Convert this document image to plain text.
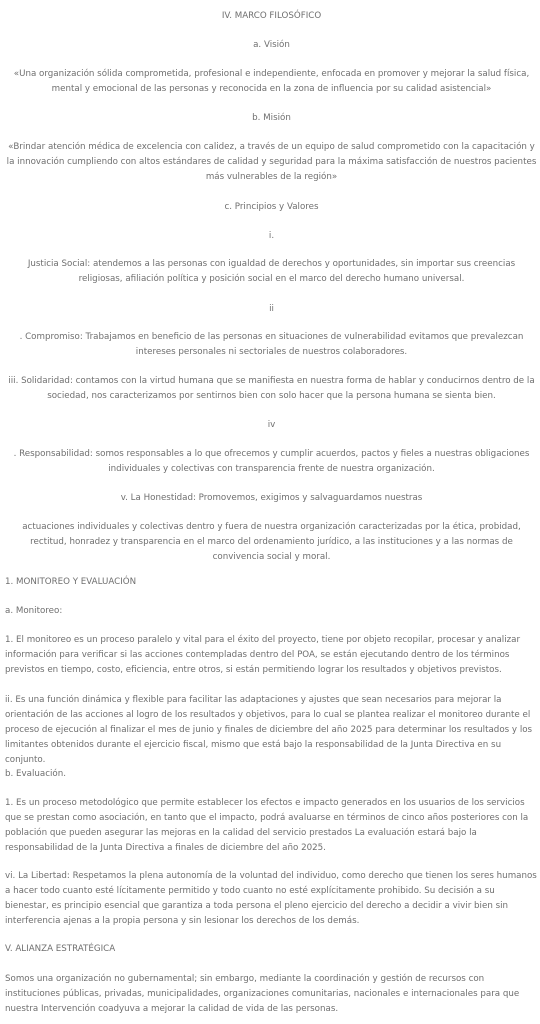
IV. MARCO FILOSÓFICO

a. Visión

«Una organización sólida comprometida, profesional e independiente, enfocada en promover y mejorar la salud física, mental y emocional de las personas y reconocida en la zona de influencia por su calidad asistencial»

b. Misión

«Brindar atención médica de excelencia con calidez, a través de un equipo de salud comprometido con la capacitación y la innovación cumpliendo con altos estándares de calidad y seguridad para la máxima satisfacción de nuestros pacientes más vulnerables de la región»

c. Principios y Valores

i.

Justicia Social: atendemos a las personas con igualdad de derechos y oportunidades, sin importar sus creencias religiosas, afiliación política y posición social en el marco del derecho humano universal.

ii

. Compromiso: Trabajamos en beneficio de las personas en situaciones de vulnerabilidad evitamos que prevalezcan intereses personales ni sectoriales de nuestros colaboradores.

iii. Solidaridad: contamos con la virtud humana que se manifiesta en nuestra forma de hablar y conducirnos dentro de la sociedad, nos caracterizamos por sentirnos bien con solo hacer que la persona humana se sienta bien.

iv

. Responsabilidad: somos responsables a lo que ofrecemos y cumplir acuerdos, pactos y fieles a nuestras obligaciones individuales y colectivas con transparencia frente de nuestra organización.

v. La Honestidad: Promovemos, exigimos y salvaguardamos nuestras

actuaciones individuales y colectivas dentro y fuera de nuestra organización caracterizadas por la ética, probidad, rectitud, honradez y transparencia en el marco del ordenamiento jurídico, a las instituciones y a las normas de convivencia social y moral.

1. MONITOREO Y EVALUACIÓN

a. Monitoreo:

1. El monitoreo es un proceso paralelo y vital para el éxito del proyecto, tiene por objeto recopilar, procesar y analizar información para verificar si las acciones contempladas dentro del POA, se están ejecutando dentro de los términos previstos en tiempo, costo, eficiencia, entre otros, si están permitiendo lograr los resultados y objetivos previstos.

ii. Es una función dinámica y flexible para facilitar las adaptaciones y ajustes que sean necesarios para mejorar la orientación de las acciones al logro de los resultados y objetivos, para lo cual se plantea realizar el monitoreo durante el proceso de ejecución al finalizar el mes de junio y finales de diciembre del año 2025 para determinar los resultados y los limitantes obtenidos durante el ejercicio fiscal, mismo que está bajo la responsabilidad de la Junta Directiva en su conjunto.

b. Evaluación.

1. Es un proceso metodológico que permite establecer los efectos e impacto generados en los usuarios de los servicios que se prestan como asociación, en tanto que el impacto, podrá avaluarse en términos de cinco años posteriores con la población que pueden asegurar las mejoras en la calidad del servicio prestados La evaluación estará bajo la responsabilidad de la Junta Directiva a finales de diciembre del año 2025.

vi. La Libertad: Respetamos la plena autonomía de la voluntad del individuo, como derecho que tienen los seres humanos a hacer todo cuanto esté lícitamente permitido y todo cuanto no esté explícitamente prohibido. Su decisión a su bienestar, es principio esencial que garantiza a toda persona el pleno ejercicio del derecho a decidir a vivir bien sin interferencia ajenas a la propia persona y sin lesionar los derechos de los demás.

V. ALIANZA ESTRATÉGICA

Somos una organización no gubernamental; sin embargo, mediante la coordinación y gestión de recursos con instituciones públicas, privadas, municipalidades, organizaciones comunitarias, nacionales e internacionales para que nuestra Intervención coadyuva a mejorar la calidad de vida de las personas.
